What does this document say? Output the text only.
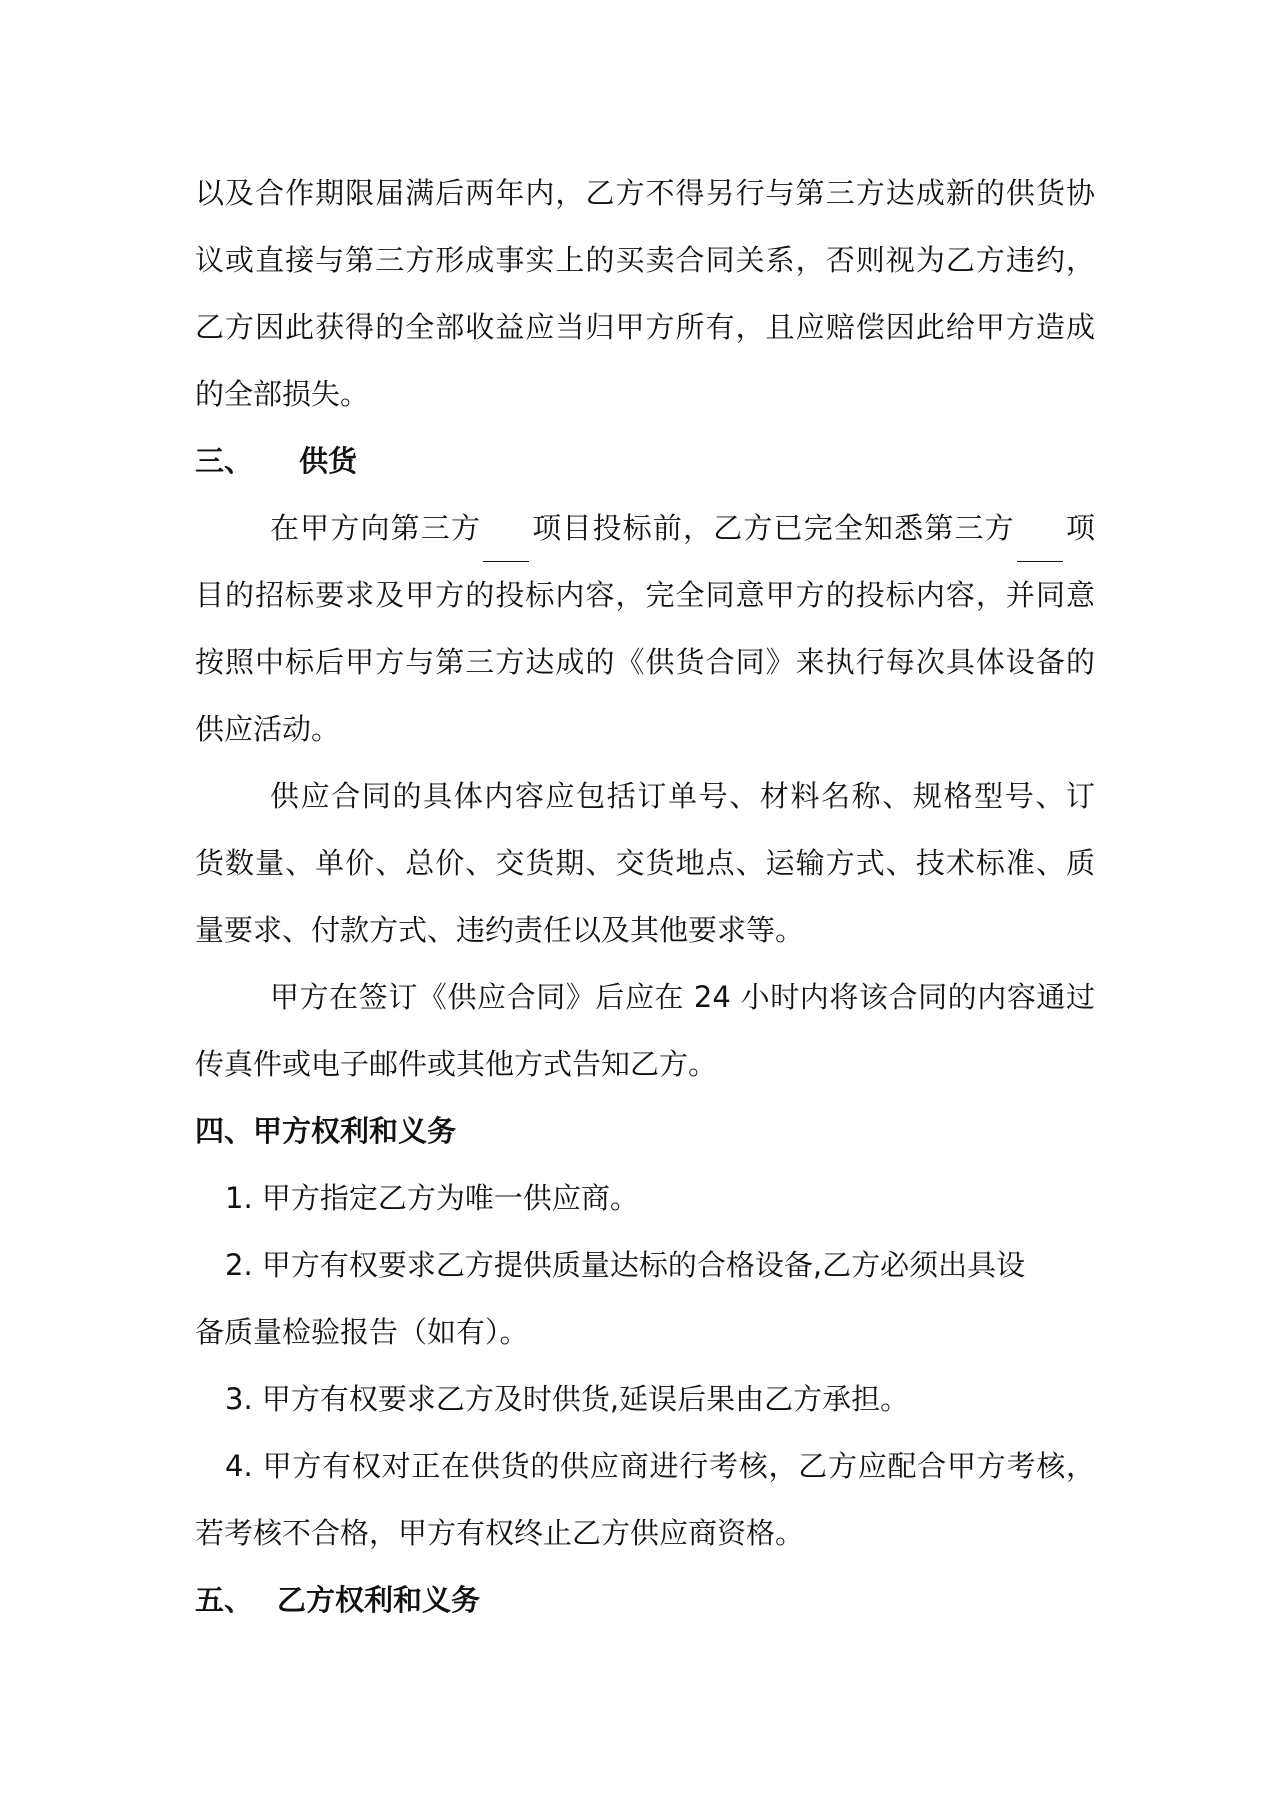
以及合作期限届满后两年内，乙方不得另行与第三方达成新的供货协
议或直接与第三方形成事实上的买卖合同关系，否则视为乙方违约，
乙方因此获得的全部收益应当归甲方所有，且应赔偿因此给甲方造成
的全部损失。
三、 供货
在甲方向第三方 项目投标前，乙方已完全知悉第三方 项
目的招标要求及甲方的投标内容，完全同意甲方的投标内容，并同意
按照中标后甲方与第三方达成的《供货合同》来执行每次具体设备的
供应活动。
供应合同的具体内容应包括订单号、材料名称、规格型号、订
货数量、单价、总价、交货期、交货地点、运输方式、技术标准、质
量要求、付款方式、违约责任以及其他要求等。
甲方在签订《供应合同》后应在 24 小时内将该合同的内容通过
传真件或电子邮件或其他方式告知乙方。
四、甲方权利和义务
1. 甲方指定乙方为唯一供应商。
2. 甲方有权要求乙方提供质量达标的合格设备,乙方必须出具设
备质量检验报告（如有）。
3. 甲方有权要求乙方及时供货,延误后果由乙方承担。
4. 甲方有权对正在供货的供应商进行考核，乙方应配合甲方考核，
若考核不合格，甲方有权终止乙方供应商资格。
五、 乙方权利和义务
